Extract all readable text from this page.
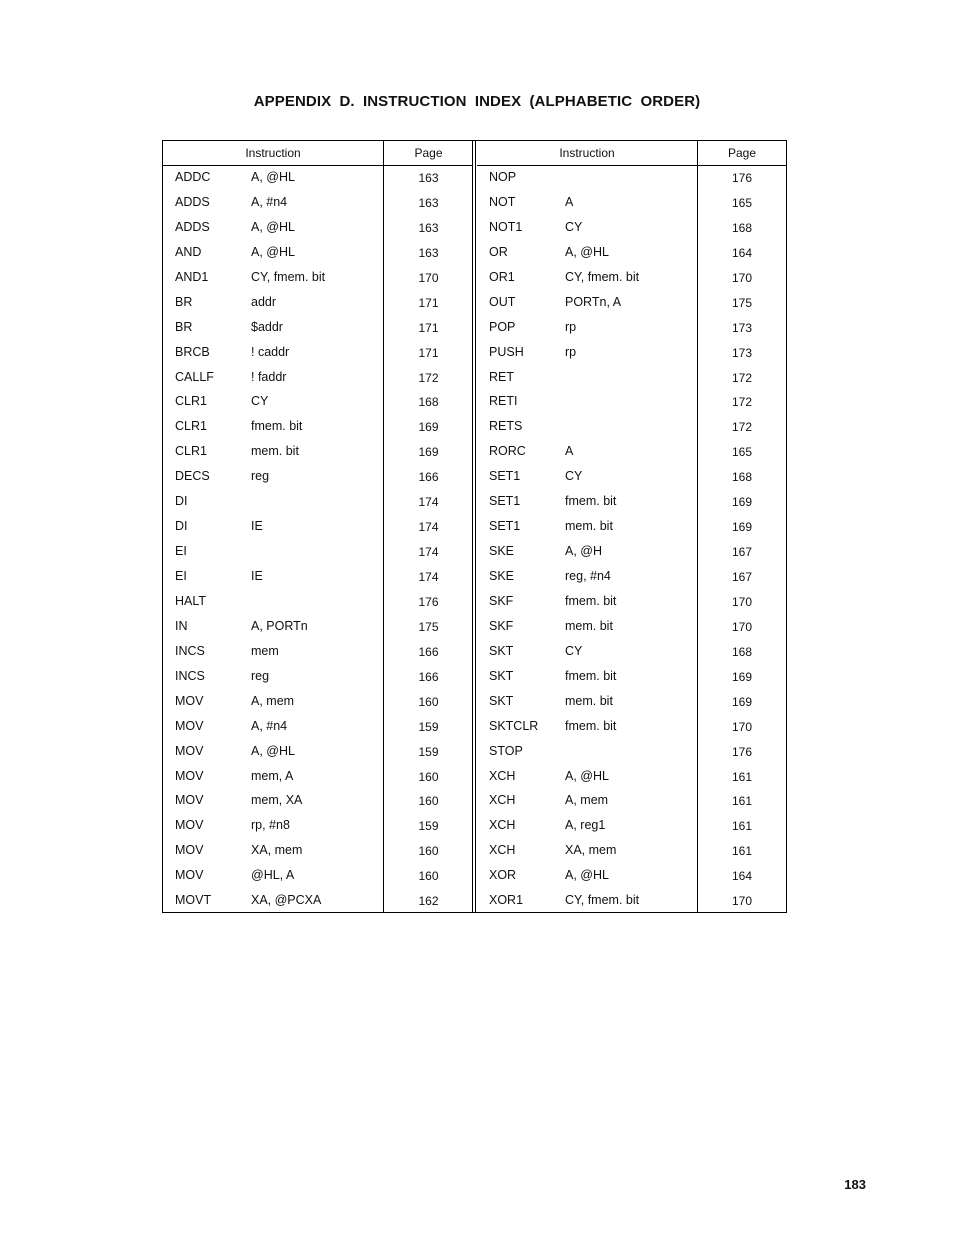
APPENDIX D. INSTRUCTION INDEX (ALPHABETIC ORDER)
Instruction	Page
ADDC	A, @HL	163
ADDS	A, #n4	163
ADDS	A, @HL	163
AND	A, @HL	163
AND1	CY, fmem. bit	170
BR	addr	171
BR	$addr	171
BRCB	! caddr	171
CALLF	! faddr	172
CLR1	CY	168
CLR1	fmem. bit	169
CLR1	mem. bit	169
DECS	reg	166
DI	174
DI	IE	174
EI	174
EI	IE	174
HALT	176
IN	A, PORTn	175
INCS	mem	166
INCS	reg	166
MOV	A, mem	160
MOV	A, #n4	159
MOV	A, @HL	159
MOV	mem, A	160
MOV	mem, XA	160
MOV	rp, #n8	159
MOV	XA, mem	160
MOV	@HL, A	160
MOVT	XA, @PCXA	162
Instruction	Page
NOP	176
NOT	A	165
NOT1	CY	168
OR	A, @HL	164
OR1	CY, fmem. bit	170
OUT	PORTn, A	175
POP	rp	173
PUSH	rp	173
RET	172
RETI	172
RETS	172
RORC	A	165
SET1	CY	168
SET1	fmem. bit	169
SET1	mem. bit	169
SKE	A, @H	167
SKE	reg, #n4	167
SKF	fmem. bit	170
SKF	mem. bit	170
SKT	CY	168
SKT	fmem. bit	169
SKT	mem. bit	169
SKTCLR fmem. bit	170
STOP	176
XCH	A, @HL	161
XCH	A, mem	161
XCH	A, reg1	161
XCH	XA, mem	161
XOR	A, @HL	164
XOR1	CY, fmem. bit	170
183
